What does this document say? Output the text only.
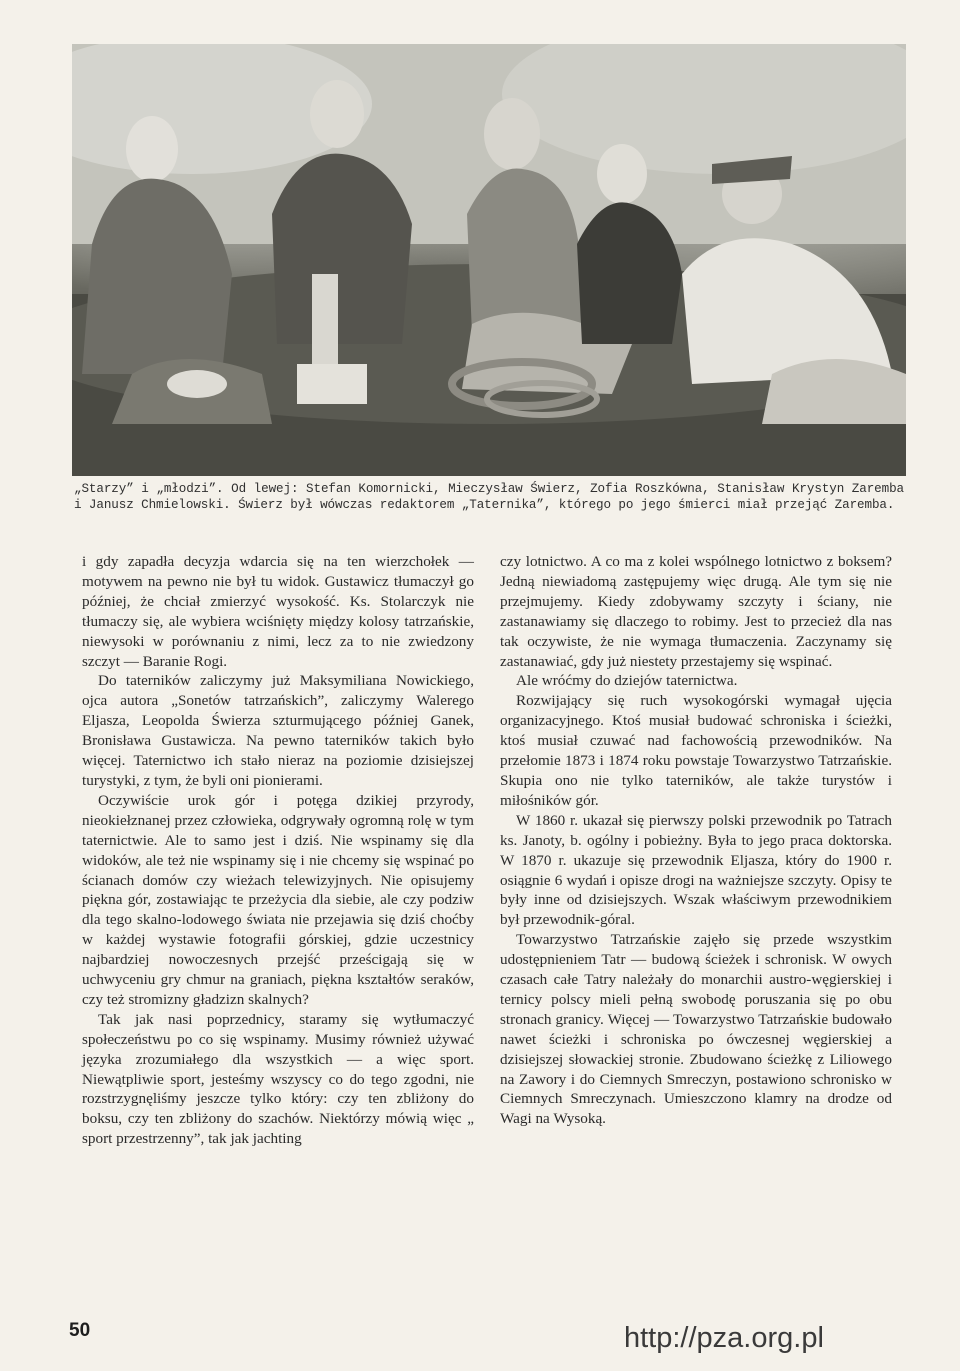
„Starzy” i „młodzi”. Od lewej: Stefan Komornicki, Mieczysław Świerz, Zofia Roszkówna, Stanisław Krystyn Zaremba i Janusz Chmielowski. Świerz był wówczas redaktorem „Taternika”, którego po jego śmierci miał przejąć Zaremba.

i gdy zapadła decyzja wdarcia się na ten wierzchołek — motywem na pewno nie był tu widok. Gustawicz tłumaczył go później, że chciał zmierzyć wysokość. Ks. Stolarczyk nie tłumaczy się, ale wybiera wciśnięty między kolosy tatrzańskie, niewysoki w porównaniu z nimi, lecz za to nie zwiedzony szczyt — Baranie Rogi.

Do taterników zaliczymy już Maksymiliana Nowickiego, ojca autora „Sonetów tatrzańskich”, zaliczymy Walerego Eljasza, Leopolda Świerza szturmującego później Ganek, Bronisława Gustawicza. Na pewno taterników takich było więcej. Taternictwo ich stało nieraz na poziomie dzisiejszej turystyki, z tym, że byli oni pionierami.

Oczywiście urok gór i potęga dzikiej przyrody, nieokiełznanej przez człowieka, odgrywały ogromną rolę w tym taternictwie. Ale to samo jest i dziś. Nie wspinamy się dla widoków, ale też nie wspinamy się i nie chcemy się wspinać po ścianach domów czy wieżach telewizyjnych. Nie opisujemy piękna gór, zostawiając te przeżycia dla siebie, ale czy podziw dla tego skalno-lodowego świata nie przejawia się dziś choćby w każdej wystawie fotografii górskiej, gdzie uczestnicy najbardziej nowoczesnych przejść prześcigają się w uchwyceniu gry chmur na graniach, piękna kształtów seraków, czy też stromizny gładzizn skalnych?

Tak jak nasi poprzednicy, staramy się wytłumaczyć społeczeństwu po co się wspinamy. Musimy również używać języka zrozumiałego dla wszystkich — a więc sport. Niewątpliwie sport, jesteśmy wszyscy co do tego zgodni, nie rozstrzygnęliśmy jeszcze tylko który: czy ten zbliżony do boksu, czy ten zbliżony do szachów. Niektórzy mówią więc „ sport przestrzenny”, tak jak jachting

czy lotnictwo. A co ma z kolei wspólnego lotnictwo z boksem? Jedną niewiadomą zastępujemy więc drugą. Ale tym się nie przejmujemy. Kiedy zdobywamy szczyty i ściany, nie zastanawiamy się dlaczego to robimy. Jest to przecież dla nas tak oczywiste, że nie wymaga tłumaczenia. Zaczynamy się zastanawiać, gdy już niestety przestajemy się wspinać.

Ale wróćmy do dziejów taternictwa.

Rozwijający się ruch wysokogórski wymagał ujęcia organizacyjnego. Ktoś musiał budować schroniska i ścieżki, ktoś musiał czuwać nad fachowością przewodników. Na przełomie 1873 i 1874 roku powstaje Towarzystwo Tatrzańskie. Skupia ono nie tylko taterników, ale także turystów i miłośników gór.

W 1860 r. ukazał się pierwszy polski przewodnik po Tatrach ks. Janoty, b. ogólny i pobieżny. Była to jego praca doktorska. W 1870 r. ukazuje się przewodnik Eljasza, który do 1900 r. osiągnie 6 wydań i opisze drogi na ważniejsze szczyty. Opisy te były inne od dzisiejszych. Wszak właściwym przewodnikiem był przewodnik-góral.

Towarzystwo Tatrzańskie zajęło się przede wszystkim udostępnieniem Tatr — budową ścieżek i schronisk. W owych czasach całe Tatry należały do monarchii austro-węgierskiej i ternicy polscy mieli pełną swobodę poruszania się po obu stronach granicy. Więcej — Towarzystwo Tatrzańskie budowało nawet ścieżki i schroniska po ówczesnej węgierskiej a dzisiejszej słowackiej stronie. Zbudowano ścieżkę z Liliowego na Zawory i do Ciemnych Smreczyn, postawiono schronisko w Ciemnych Smreczynach. Umieszczono klamry na drodze od Wagi na Wysoką.

50	http://pza.org.pl
